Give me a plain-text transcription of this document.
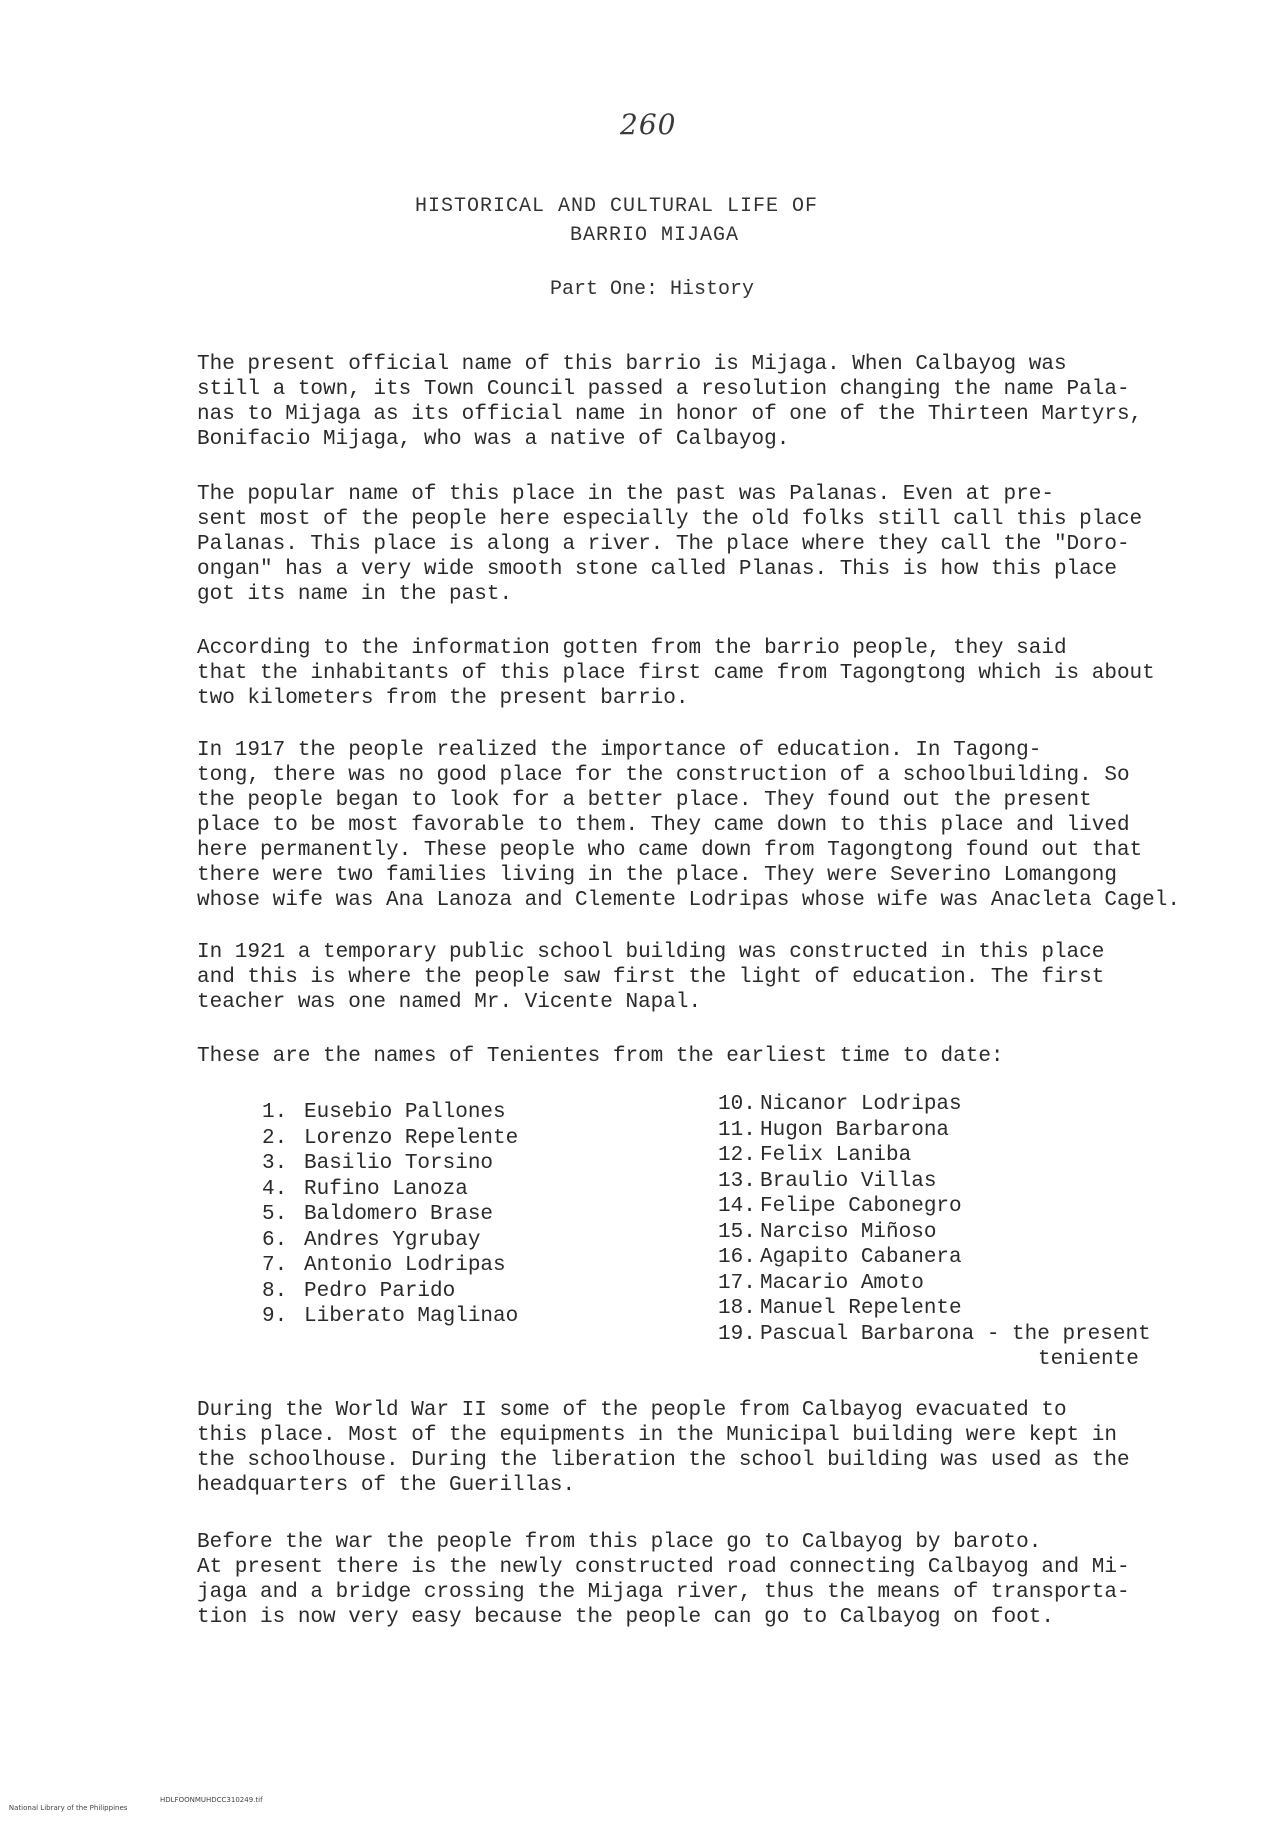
260
HISTORICAL AND CULTURAL LIFE OF
BARRIO MIJAGA
Part One: History

The present official name of this barrio is Mijaga. When Calbayog was
still a town, its Town Council passed a resolution changing the name Pala-
nas to Mijaga as its official name in honor of one of the Thirteen Martyrs,
Bonifacio Mijaga, who was a native of Calbayog.

The popular name of this place in the past was Palanas. Even at pre-
sent most of the people here especially the old folks still call this place
Palanas. This place is along a river. The place where they call the "Doro-
ongan" has a very wide smooth stone called Planas. This is how this place
got its name in the past.

According to the information gotten from the barrio people, they said
that the inhabitants of this place first came from Tagongtong which is about
two kilometers from the present barrio.

In 1917 the people realized the importance of education. In Tagong-
tong, there was no good place for the construction of a schoolbuilding. So
the people began to look for a better place. They found out the present
place to be most favorable to them. They came down to this place and lived
here permanently. These people who came down from Tagongtong found out that
there were two families living in the place. They were Severino Lomangong
whose wife was Ana Lanoza and Clemente Lodripas whose wife was Anacleta Cagel.

In 1921 a temporary public school building was constructed in this place
and this is where the people saw first the light of education. The first
teacher was one named Mr. Vicente Napal.

These are the names of Tenientes from the earliest time to date:

1. Eusebio Pallones
2. Lorenzo Repelente
3. Basilio Torsino
4. Rufino Lanoza
5. Baldomero Brase
6. Andres Ygrubay
7. Antonio Lodripas
8. Pedro Parido
9. Liberato Maglinao
10. Nicanor Lodripas
11. Hugon Barbarona
12. Felix Laniba
13. Braulio Villas
14. Felipe Cabonegro
15. Narciso Miñoso
16. Agapito Cabanera
17. Macario Amoto
18. Manuel Repelente
19. Pascual Barbarona - the present
teniente

During the World War II some of the people from Calbayog evacuated to
this place. Most of the equipments in the Municipal building were kept in
the schoolhouse. During the liberation the school building was used as the
headquarters of the Guerillas.

Before the war the people from this place go to Calbayog by baroto.
At present there is the newly constructed road connecting Calbayog and Mi-
jaga and a bridge crossing the Mijaga river, thus the means of transporta-
tion is now very easy because the people can go to Calbayog on foot.

National Library of the Philippines

HDLFOONMUHDCC310249.tif
